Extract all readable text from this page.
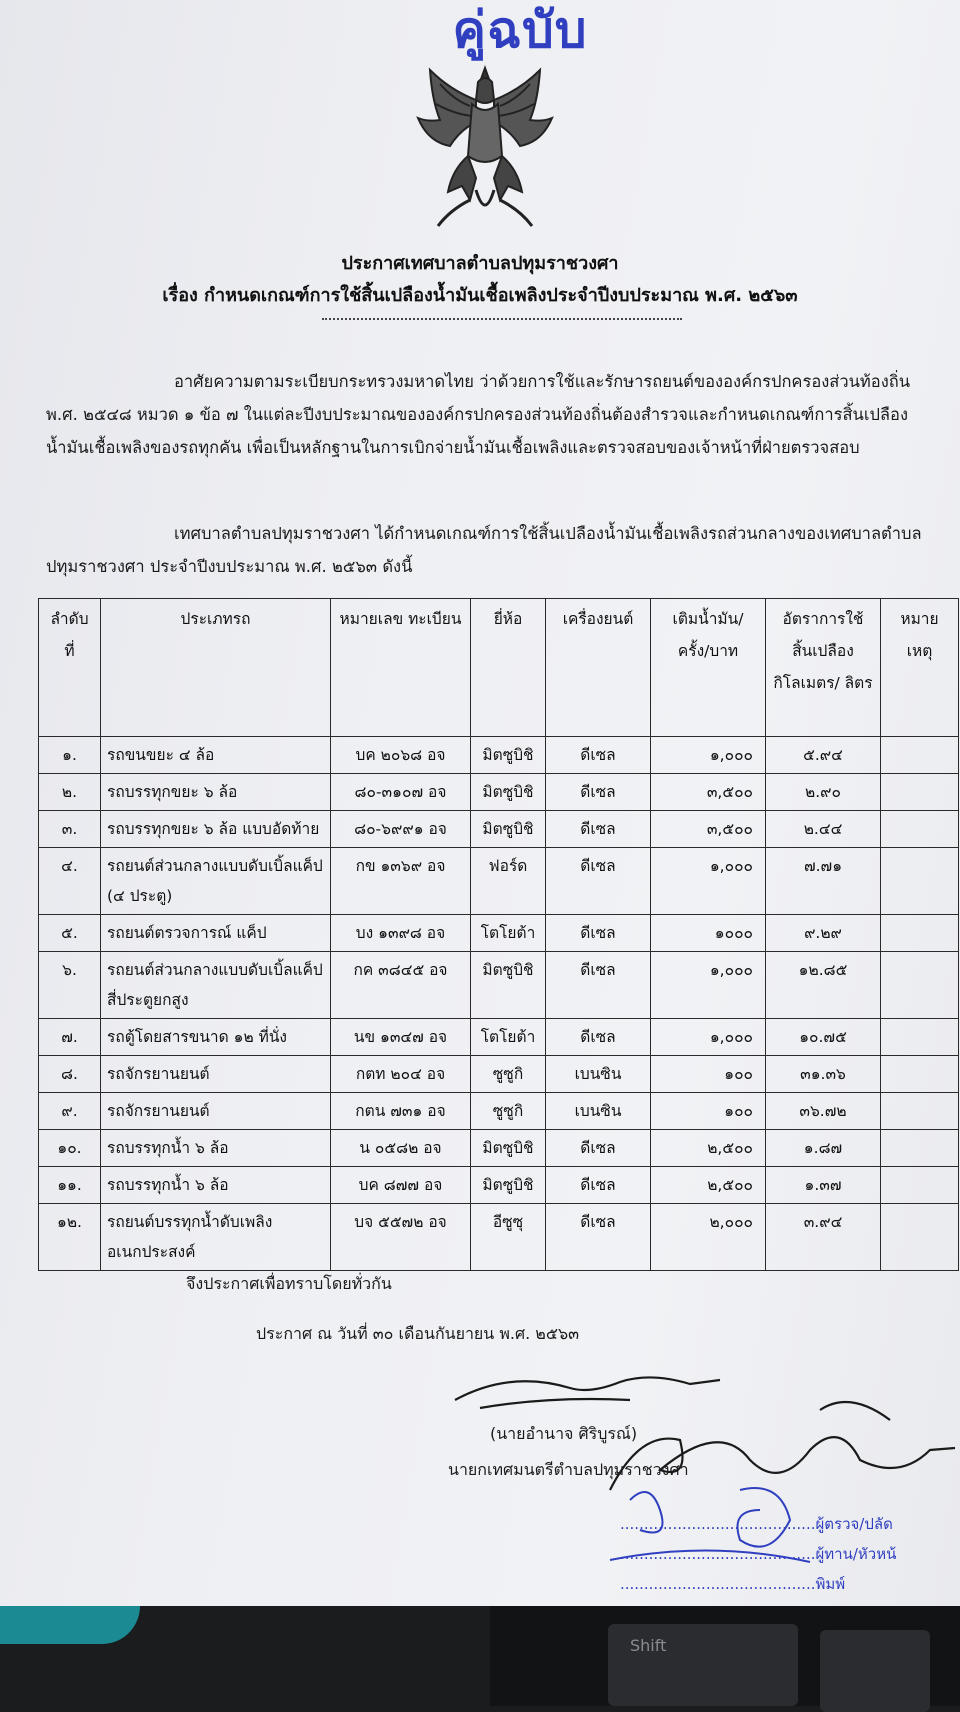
คู่ฉบับ
ประกาศเทศบาลตำบลปทุมราชวงศา
เรื่อง กำหนดเกณฑ์การใช้สิ้นเปลืองน้ำมันเชื้อเพลิงประจำปีงบประมาณ พ.ศ. ๒๕๖๓
อาศัยความตามระเบียบกระทรวงมหาดไทย ว่าด้วยการใช้และรักษารถยนต์ขององค์กรปกครองส่วนท้องถิ่น พ.ศ. ๒๕๔๘ หมวด ๑ ข้อ ๗ ในแต่ละปีงบประมาณขององค์กรปกครองส่วนท้องถิ่นต้องสำรวจและกำหนดเกณฑ์การสิ้นเปลืองน้ำมันเชื้อเพลิงของรถทุกคัน เพื่อเป็นหลักฐานในการเบิกจ่ายน้ำมันเชื้อเพลิงและตรวจสอบของเจ้าหน้าที่ฝ่ายตรวจสอบ
เทศบาลตำบลปทุมราชวงศา ได้กำหนดเกณฑ์การใช้สิ้นเปลืองน้ำมันเชื้อเพลิงรถส่วนกลางของเทศบาลตำบลปทุมราชวงศา ประจำปีงบประมาณ พ.ศ. ๒๕๖๓ ดังนี้
ลำดับ ที่	ประเภทรถ	หมายเลข ทะเบียน	ยี่ห้อ	เครื่องยนต์	เติมน้ำมัน/ ครั้ง/บาท	อัตราการใช้ สิ้นเปลือง กิโลเมตร/ ลิตร	หมาย เหตุ
๑.	รถขนขยะ ๔ ล้อ	บค ๒๐๖๘ อจ	มิตซูบิชิ	ดีเซล	๑,๐๐๐	๕.๙๔	
๒.	รถบรรทุกขยะ ๖ ล้อ	๘๐-๓๑๐๗ อจ	มิตซูบิชิ	ดีเซล	๓,๕๐๐	๒.๙๐	
๓.	รถบรรทุกขยะ ๖ ล้อ แบบอัดท้าย	๘๐-๖๙๙๑ อจ	มิตซูบิชิ	ดีเซล	๓,๕๐๐	๒.๔๔	
๔.	รถยนต์ส่วนกลางแบบดับเบิ้ลแค็ป (๔ ประตู)	กข ๑๓๖๙ อจ	ฟอร์ด	ดีเซล	๑,๐๐๐	๗.๗๑	
๕.	รถยนต์ตรวจการณ์ แค็ป	บง ๑๓๙๘ อจ	โตโยต้า	ดีเซล	๑๐๐๐	๙.๒๙	
๖.	รถยนต์ส่วนกลางแบบดับเบิ้ลแค็ป สี่ประตูยกสูง	กค ๓๘๔๕ อจ	มิตซูบิชิ	ดีเซล	๑,๐๐๐	๑๒.๘๕	
๗.	รถตู้โดยสารขนาด ๑๒ ที่นั่ง	นข ๑๓๔๗ อจ	โตโยต้า	ดีเซล	๑,๐๐๐	๑๐.๗๕	
๘.	รถจักรยานยนต์	กตท ๒๐๔ อจ	ซูซูกิ	เบนซิน	๑๐๐	๓๑.๓๖	
๙.	รถจักรยานยนต์	กตน ๗๓๑ อจ	ซูซูกิ	เบนซิน	๑๐๐	๓๖.๗๒	
๑๐.	รถบรรทุกน้ำ ๖ ล้อ	น ๐๕๘๒ อจ	มิตซูบิชิ	ดีเซล	๒,๕๐๐	๑.๘๗	
๑๑.	รถบรรทุกน้ำ ๖ ล้อ	บค ๘๗๗ อจ	มิตซูบิชิ	ดีเซล	๒,๕๐๐	๑.๓๗	
๑๒.	รถยนต์บรรทุกน้ำดับเพลิงอเนกประสงค์	บจ ๕๕๗๒ อจ	อีซูซุ	ดีเซล	๒,๐๐๐	๓.๙๔	
จึงประกาศเพื่อทราบโดยทั่วกัน
ประกาศ ณ วันที่ ๓๐ เดือนกันยายน พ.ศ. ๒๕๖๓
(นายอำนาจ ศิริบูรณ์)
นายกเทศมนตรีตำบลปทุมราชวงศา
.........................................ผู้ตรวจ/ปลัด
.........................................ผู้ทาน/หัวหน้
.........................................พิมพ์
Shift
